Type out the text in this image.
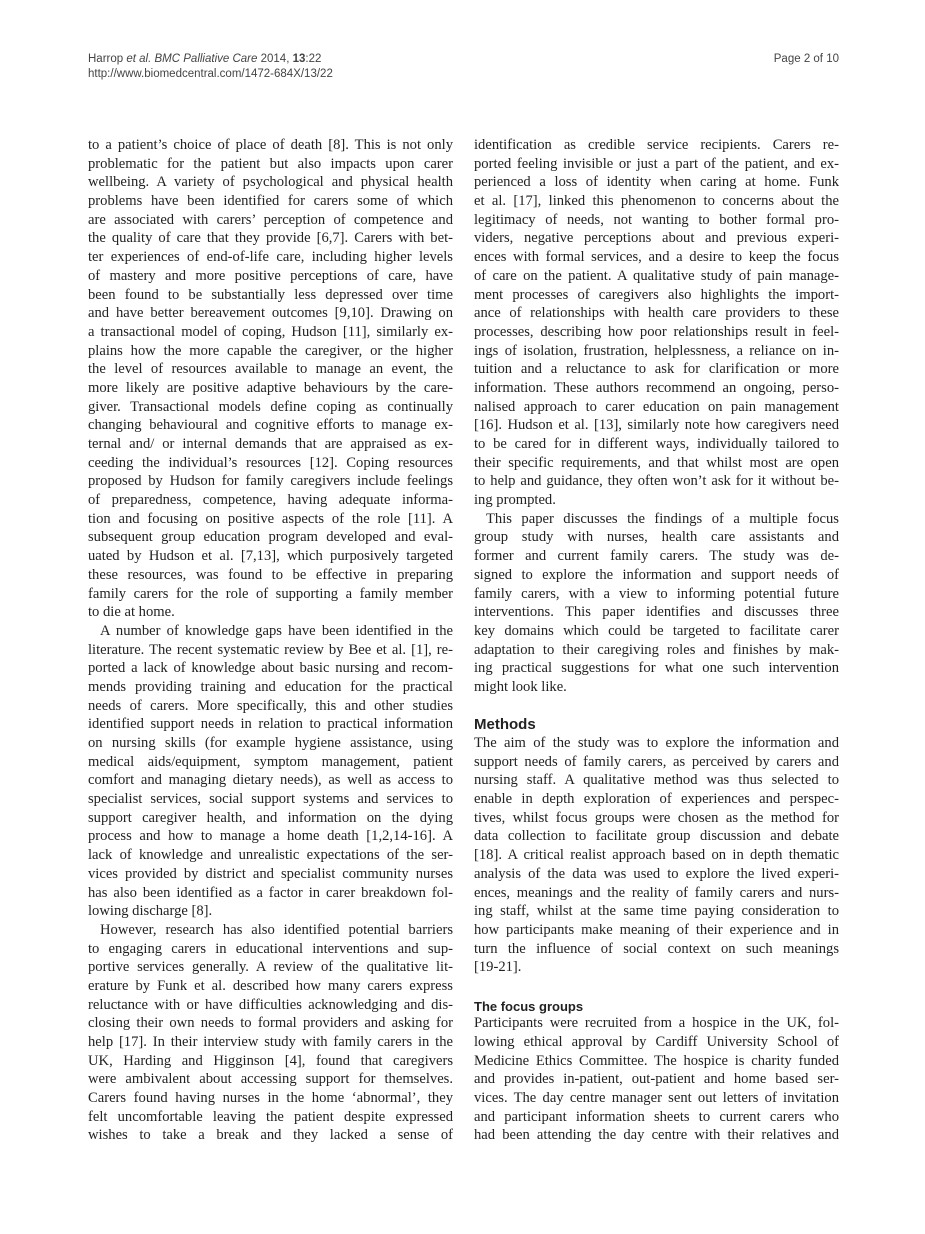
Harrop et al. BMC Palliative Care 2014, 13:22
http://www.biomedcentral.com/1472-684X/13/22
Page 2 of 10
to a patient’s choice of place of death [8]. This is not only
problematic for the patient but also impacts upon carer
wellbeing. A variety of psychological and physical health
problems have been identified for carers some of which
are associated with carers’ perception of competence and
the quality of care that they provide [6,7]. Carers with bet-
ter experiences of end-of-life care, including higher levels
of mastery and more positive perceptions of care, have
been found to be substantially less depressed over time
and have better bereavement outcomes [9,10]. Drawing on
a transactional model of coping, Hudson [11], similarly ex-
plains how the more capable the caregiver, or the higher
the level of resources available to manage an event, the
more likely are positive adaptive behaviours by the care-
giver. Transactional models define coping as continually
changing behavioural and cognitive efforts to manage ex-
ternal and/ or internal demands that are appraised as ex-
ceeding the individual’s resources [12]. Coping resources
proposed by Hudson for family caregivers include feelings
of preparedness, competence, having adequate informa-
tion and focusing on positive aspects of the role [11]. A
subsequent group education program developed and eval-
uated by Hudson et al. [7,13], which purposively targeted
these resources, was found to be effective in preparing
family carers for the role of supporting a family member
to die at home.
A number of knowledge gaps have been identified in the
literature. The recent systematic review by Bee et al. [1], re-
ported a lack of knowledge about basic nursing and recom-
mends providing training and education for the practical
needs of carers. More specifically, this and other studies
identified support needs in relation to practical information
on nursing skills (for example hygiene assistance, using
medical aids/equipment, symptom management, patient
comfort and managing dietary needs), as well as access to
specialist services, social support systems and services to
support caregiver health, and information on the dying
process and how to manage a home death [1,2,14-16]. A
lack of knowledge and unrealistic expectations of the ser-
vices provided by district and specialist community nurses
has also been identified as a factor in carer breakdown fol-
lowing discharge [8].
However, research has also identified potential barriers
to engaging carers in educational interventions and sup-
portive services generally. A review of the qualitative lit-
erature by Funk et al. described how many carers express
reluctance with or have difficulties acknowledging and dis-
closing their own needs to formal providers and asking for
help [17]. In their interview study with family carers in the
UK, Harding and Higginson [4], found that caregivers
were ambivalent about accessing support for themselves.
Carers found having nurses in the home ‘abnormal’, they
felt uncomfortable leaving the patient despite expressed
wishes to take a break and they lacked a sense of
identification as credible service recipients. Carers re-
ported feeling invisible or just a part of the patient, and ex-
perienced a loss of identity when caring at home. Funk
et al. [17], linked this phenomenon to concerns about the
legitimacy of needs, not wanting to bother formal pro-
viders, negative perceptions about and previous experi-
ences with formal services, and a desire to keep the focus
of care on the patient. A qualitative study of pain manage-
ment processes of caregivers also highlights the import-
ance of relationships with health care providers to these
processes, describing how poor relationships result in feel-
ings of isolation, frustration, helplessness, a reliance on in-
tuition and a reluctance to ask for clarification or more
information. These authors recommend an ongoing, perso-
nalised approach to carer education on pain management
[16]. Hudson et al. [13], similarly note how caregivers need
to be cared for in different ways, individually tailored to
their specific requirements, and that whilst most are open
to help and guidance, they often won’t ask for it without be-
ing prompted.
This paper discusses the findings of a multiple focus
group study with nurses, health care assistants and
former and current family carers. The study was de-
signed to explore the information and support needs of
family carers, with a view to informing potential future
interventions. This paper identifies and discusses three
key domains which could be targeted to facilitate carer
adaptation to their caregiving roles and finishes by mak-
ing practical suggestions for what one such intervention
might look like.
Methods
The aim of the study was to explore the information and
support needs of family carers, as perceived by carers and
nursing staff. A qualitative method was thus selected to
enable in depth exploration of experiences and perspec-
tives, whilst focus groups were chosen as the method for
data collection to facilitate group discussion and debate
[18]. A critical realist approach based on in depth thematic
analysis of the data was used to explore the lived experi-
ences, meanings and the reality of family carers and nurs-
ing staff, whilst at the same time paying consideration to
how participants make meaning of their experience and in
turn the influence of social context on such meanings
[19-21].
The focus groups
Participants were recruited from a hospice in the UK, fol-
lowing ethical approval by Cardiff University School of
Medicine Ethics Committee. The hospice is charity funded
and provides in-patient, out-patient and home based ser-
vices. The day centre manager sent out letters of invitation
and participant information sheets to current carers who
had been attending the day centre with their relatives and
